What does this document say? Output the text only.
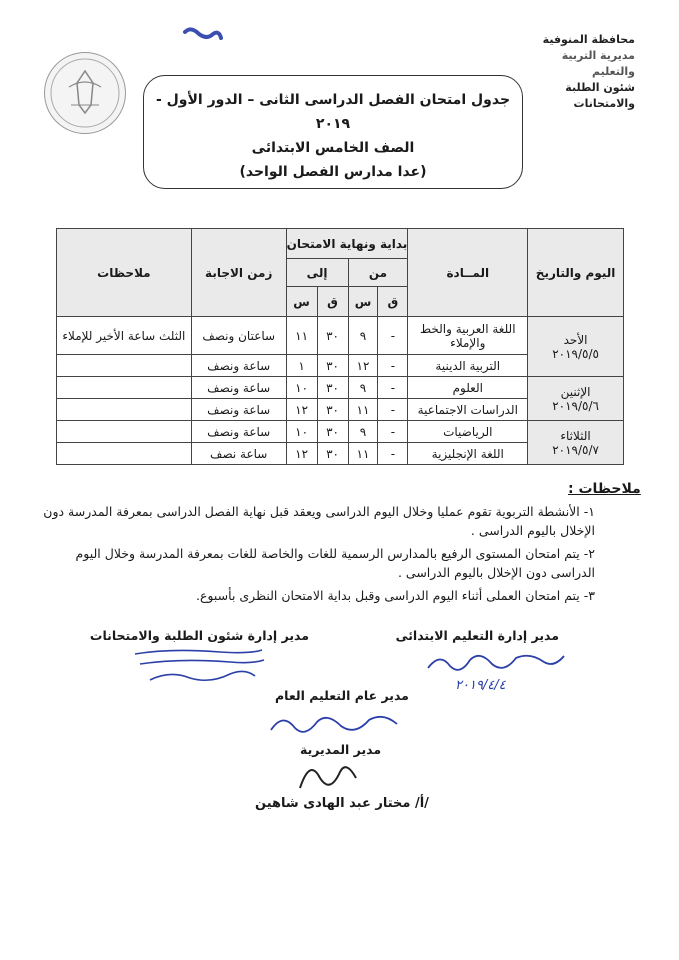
محافظة المنوفية
مديرية التربية والتعليم
شئون الطلبة والامتحانات
جدول امتحان الفصل الدراسى الثانى – الدور الأول - ٢٠١٩
الصف الخامس الابتدائى
(عدا مدارس الفصل الواحد)
اليوم والتاريخ	المــادة	بداية ونهاية الامتحان				زمن الاجابة	ملاحظات
		من		إلى			
		ق	س	ق	س		

الأحد
٢٠١٩/٥/٥	اللغة العربية والخط والإملاء	-	٩	٣٠	١١	ساعتان ونصف	الثلث ساعة الأخير للإملاء
	التربية الدينية	-	١٢	٣٠	١	ساعة ونصف	

الإثنين
٢٠١٩/٥/٦	العلوم	-	٩	٣٠	١٠	ساعة ونصف	
	الدراسات الاجتماعية	-	١١	٣٠	١٢	ساعة ونصف	

الثلاثاء
٢٠١٩/٥/٧	الرياضيات	-	٩	٣٠	١٠	ساعة ونصف	
	اللغة الإنجليزية	-	١١	٣٠	١٢	ساعة نصف	
ملاحظات :

١- الأنشطة التربوية تقوم عمليا وخلال اليوم الدراسى ويعقد قبل نهاية الفصل الدراسى بمعرفة المدرسة دون الإخلال باليوم الدراسى .

٢- يتم امتحان المستوى الرفيع بالمدارس الرسمية للغات والخاصة للغات بمعرفة المدرسة وخلال اليوم الدراسى دون الإخلال باليوم الدراسى .

٣- يتم امتحان العملى أثناء اليوم الدراسى وقبل بداية الامتحان النظرى بأسبوع.

مدير إدارة التعليم الابتدائى
مدير إدارة شئون الطلبة والامتحانات
٢٠١٩/٤/٤
مدير عام التعليم العام
مدير المديرية
/أ/ مختار عبد الهادى شاهين
